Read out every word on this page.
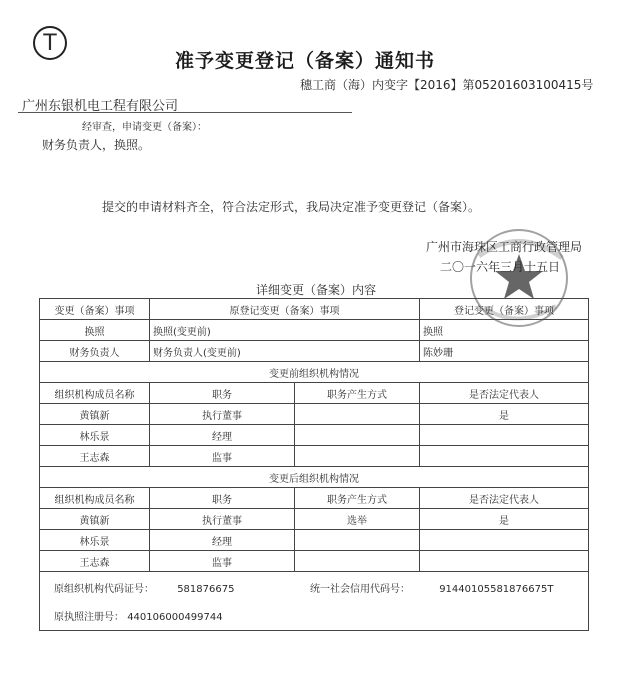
T
准予变更登记（备案）通知书
穗工商（海）内变字【2016】第05201603100415号
广州东银机电工程有限公司
经审查，申请变更（备案）：
财务负责人，换照。
提交的申请材料齐全，符合法定形式，我局决定准予变更登记（备案）。
广州市海珠区工商行政管理局
二〇一六年三月十五日
详细变更（备案）内容
变更（备案）事项	原登记变更（备案）事项		登记变更（备案）事项
换照	换照(变更前)		换照
财务负责人	财务负责人(变更前)		陈妙珊
变更前组织机构情况			
组织机构成员名称	职务	职务产生方式	是否法定代表人
黄镇新	执行董事		是
林乐景	经理		
王志森	监事		
变更后组织机构情况			
组织机构成员名称	职务	职务产生方式	是否法定代表人
黄镇新	执行董事	选举	是
林乐景	经理		
王志森	监事		

原组织机构代码证号： 581876675 统一社会信用代码号： 91440105581876675T
原执照注册号： 440106000499744			
